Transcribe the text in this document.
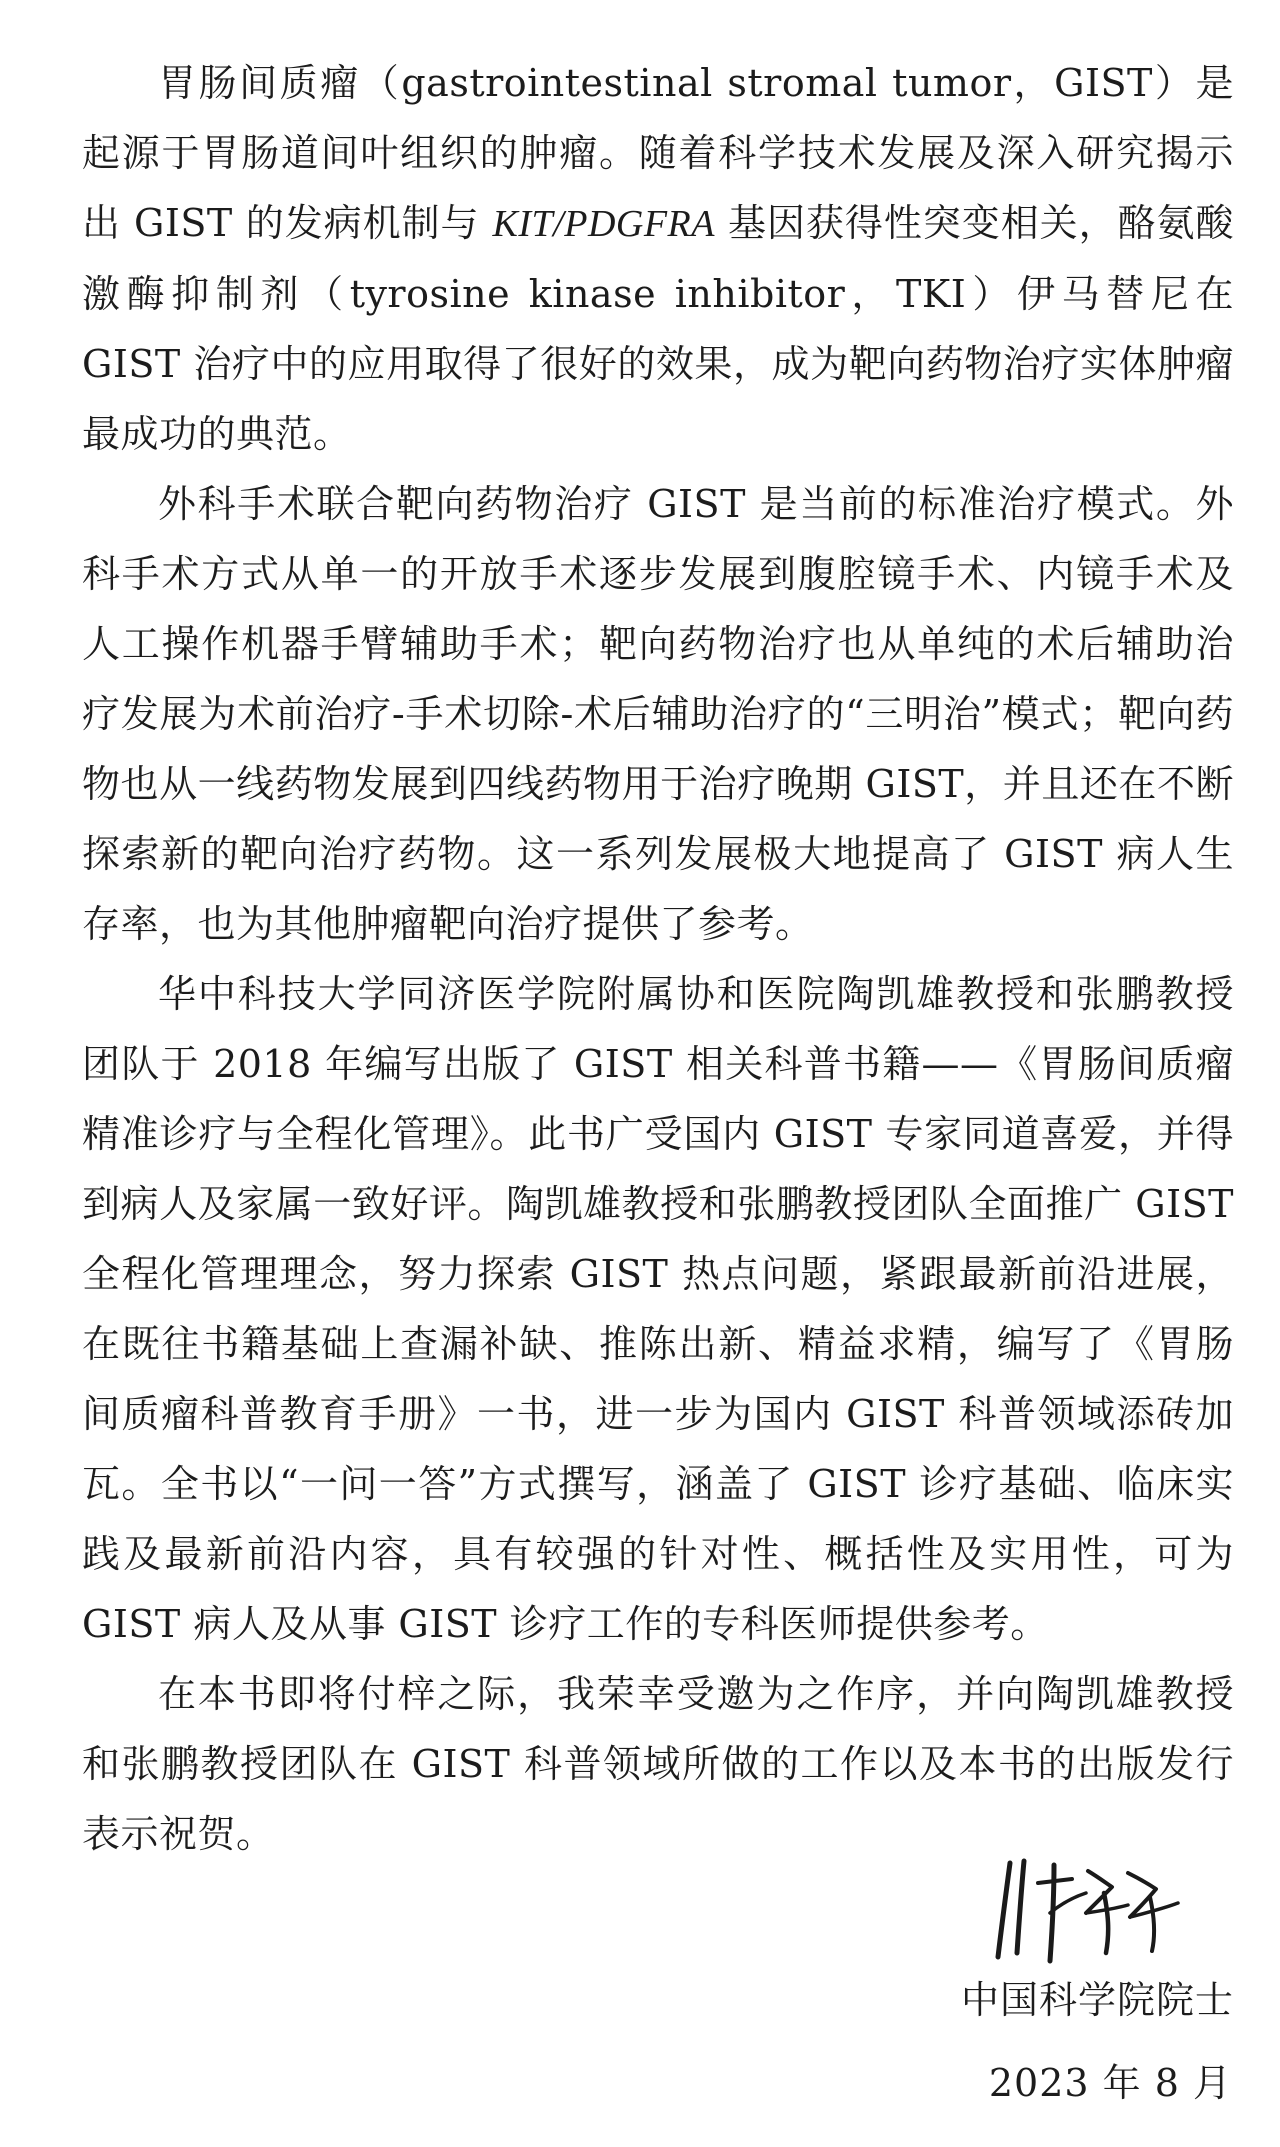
胃肠间质瘤（gastrointestinal stromal tumor，GIST）是起源于胃肠道间叶组织的肿瘤。随着科学技术发展及深入研究揭示出 GIST 的发病机制与 KIT/PDGFRA 基因获得性突变相关，酪氨酸激酶抑制剂（tyrosine kinase inhibitor，TKI）伊马替尼在 GIST 治疗中的应用取得了很好的效果，成为靶向药物治疗实体肿瘤最成功的典范。

外科手术联合靶向药物治疗 GIST 是当前的标准治疗模式。外科手术方式从单一的开放手术逐步发展到腹腔镜手术、内镜手术及人工操作机器手臂辅助手术；靶向药物治疗也从单纯的术后辅助治疗发展为术前治疗-手术切除-术后辅助治疗的“三明治”模式；靶向药物也从一线药物发展到四线药物用于治疗晚期 GIST，并且还在不断探索新的靶向治疗药物。这一系列发展极大地提高了 GIST 病人生存率，也为其他肿瘤靶向治疗提供了参考。

华中科技大学同济医学院附属协和医院陶凯雄教授和张鹏教授团队于 2018 年编写出版了 GIST 相关科普书籍——《胃肠间质瘤精准诊疗与全程化管理》。此书广受国内 GIST 专家同道喜爱，并得到病人及家属一致好评。陶凯雄教授和张鹏教授团队全面推广 GIST 全程化管理理念，努力探索 GIST 热点问题，紧跟最新前沿进展，在既往书籍基础上查漏补缺、推陈出新、精益求精，编写了《胃肠间质瘤科普教育手册》一书，进一步为国内 GIST 科普领域添砖加瓦。全书以“一问一答”方式撰写，涵盖了 GIST 诊疗基础、临床实践及最新前沿内容，具有较强的针对性、概括性及实用性，可为 GIST 病人及从事 GIST 诊疗工作的专科医师提供参考。

在本书即将付梓之际，我荣幸受邀为之作序，并向陶凯雄教授和张鹏教授团队在 GIST 科普领域所做的工作以及本书的出版发行表示祝贺。

中国科学院院士
2023 年 8 月
